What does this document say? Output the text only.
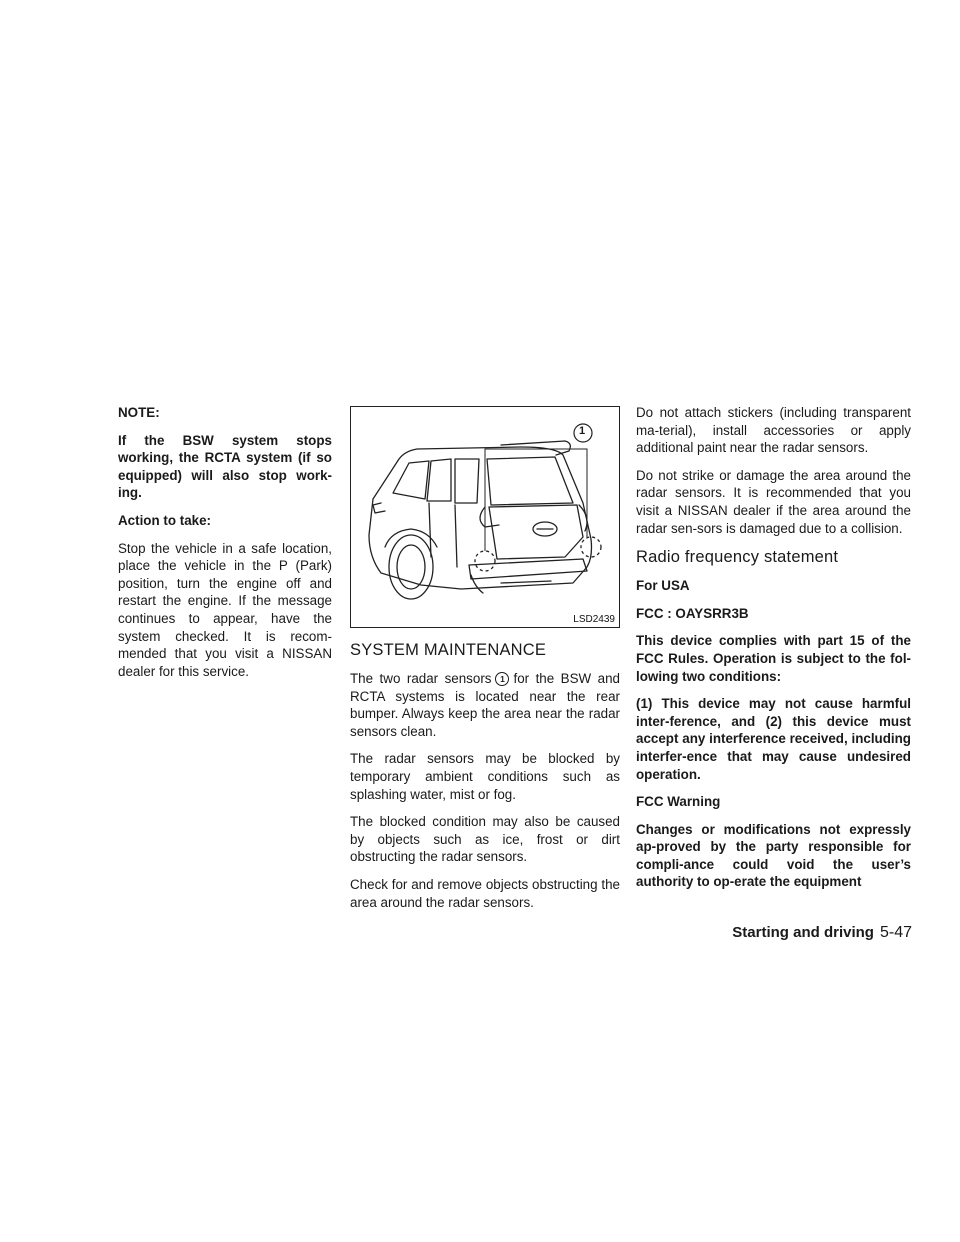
NOTE:

If the BSW system stops working, the RCTA system (if so equipped) will also stop work-ing.

Action to take:

Stop the vehicle in a safe location, place the vehicle in the P (Park) position, turn the engine off and restart the engine. If the message continues to appear, have the system checked. It is recom-mended that you visit a NISSAN dealer for this service.

1
LSD2439
SYSTEM MAINTENANCE

The two radar sensors 1 for the BSW and RCTA systems is located near the rear bumper. Always keep the area near the radar sensors clean.

The radar sensors may be blocked by temporary ambient conditions such as splashing water, mist or fog.

The blocked condition may also be caused by objects such as ice, frost or dirt obstructing the radar sensors.

Check for and remove objects obstructing the area around the radar sensors.

Do not attach stickers (including transparent ma-terial), install accessories or apply additional paint near the radar sensors.

Do not strike or damage the area around the radar sensors. It is recommended that you visit a NISSAN dealer if the area around the radar sen-sors is damaged due to a collision.

Radio frequency statement

For USA

FCC : OAYSRR3B

This device complies with part 15 of the FCC Rules. Operation is subject to the fol-lowing two conditions:

(1) This device may not cause harmful inter-ference, and (2) this device must accept any interference received, including interfer-ence that may cause undesired operation.

FCC Warning

Changes or modifications not expressly ap-proved by the party responsible for compli-ance could void the user’s authority to op-erate the equipment

Starting and driving 5-47
